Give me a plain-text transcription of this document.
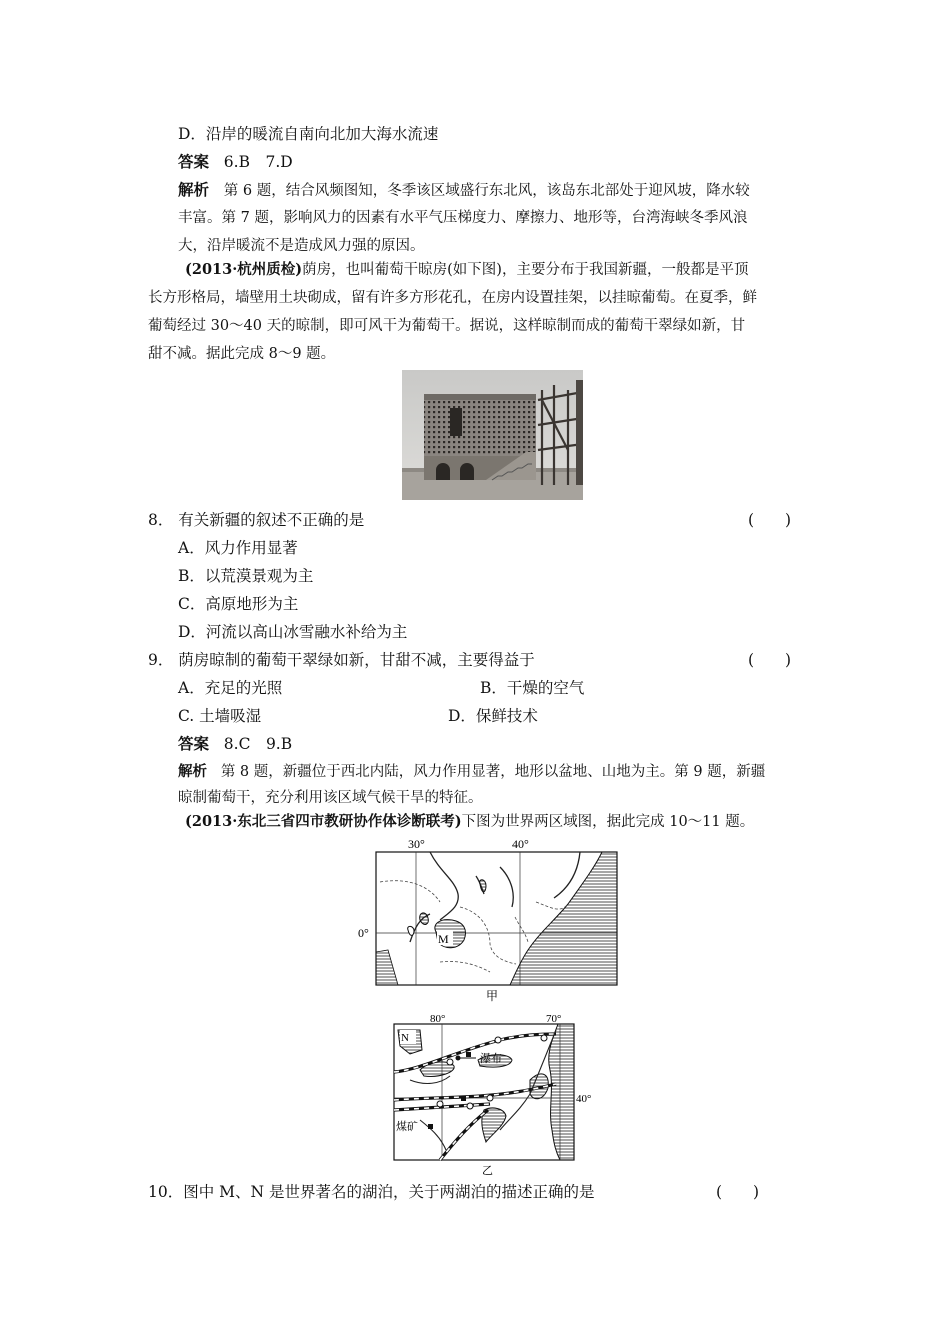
D．沿岸的暖流自南向北加大海水流速
答案 6.B　7.D
解析 第 6 题，结合风频图知，冬季该区域盛行东北风，该岛东北部处于迎风坡，降水较
丰富。第 7 题，影响风力的因素有水平气压梯度力、摩擦力、地形等，台湾海峡冬季风浪
大，沿岸暖流不是造成风力强的原因。
(2013·杭州质检)荫房，也叫葡萄干晾房(如下图)，主要分布于我国新疆，一般都是平顶
长方形格局，墙壁用土块砌成，留有许多方形花孔，在房内设置挂架，以挂晾葡萄。在夏季，鲜
葡萄经过 30～40 天的晾制，即可风干为葡萄干。据说，这样晾制而成的葡萄干翠绿如新，甘
甜不减。据此完成 8～9 题。
8． 有关新疆的叙述不正确的是	(　　)
A．风力作用显著
B．以荒漠景观为主
C．高原地形为主
D．河流以高山冰雪融水补给为主
9． 荫房晾制的葡萄干翠绿如新，甘甜不减，主要得益于	(　　)
A．充足的光照	B．干燥的空气
C. 土墙吸湿	D．保鲜技术
答案 8.C　9.B
解析 第 8 题，新疆位于西北内陆，风力作用显著，地形以盆地、山地为主。第 9 题，新疆
晾制葡萄干，充分利用该区域气候干旱的特征。
(2013·东北三省四市教研协作体诊断联考)下图为世界两区域图，据此完成 10～11 题。
M
30°	40°
0°
甲
N
瀑布
煤矿
80°	70°
40°
乙
10．图中 M、N 是世界著名的湖泊，关于两湖泊的描述正确的是	(　　)
